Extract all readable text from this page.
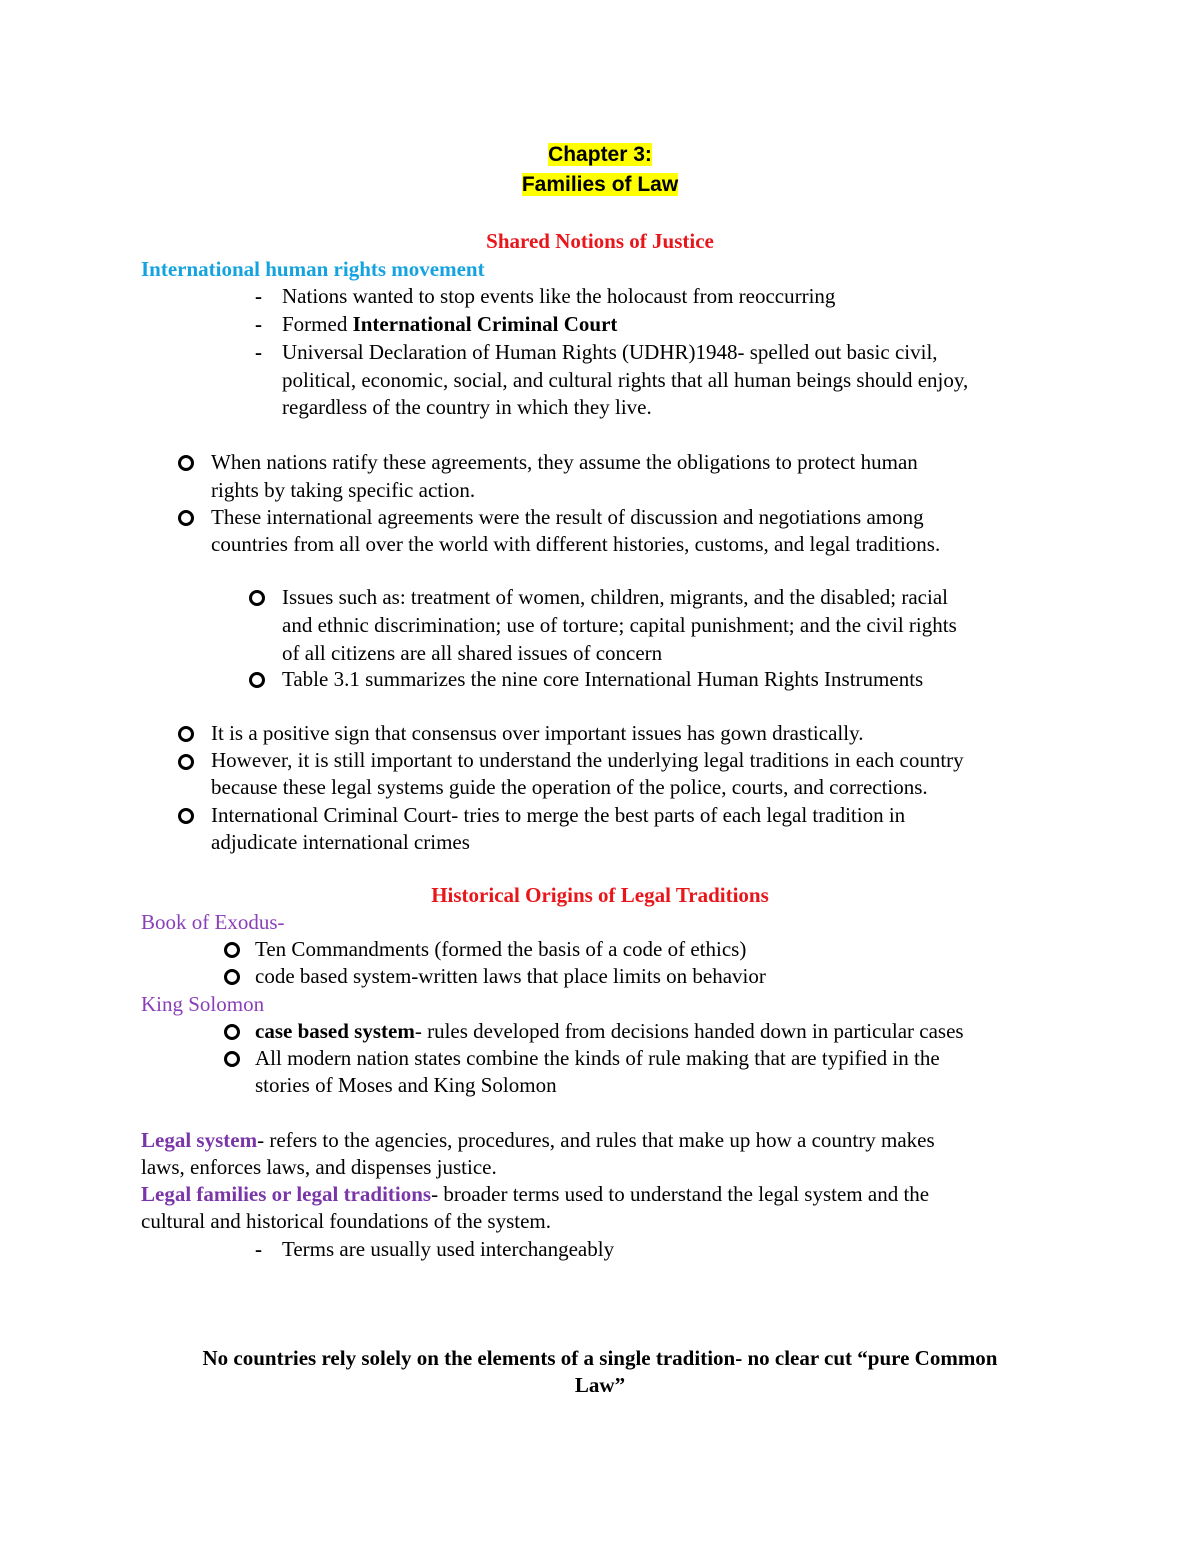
Chapter 3:
Families of Law
Shared Notions of Justice
International human rights movement
- Nations wanted to stop events like the holocaust from reoccurring
- Formed International Criminal Court
- Universal Declaration of Human Rights (UDHR)1948- spelled out basic civil,
political, economic, social, and cultural rights that all human beings should enjoy,
regardless of the country in which they live.
When nations ratify these agreements, they assume the obligations to protect human
rights by taking specific action.
These international agreements were the result of discussion and negotiations among
countries from all over the world with different histories, customs, and legal traditions.
Issues such as: treatment of women, children, migrants, and the disabled; racial
and ethnic discrimination; use of torture; capital punishment; and the civil rights
of all citizens are all shared issues of concern
Table 3.1 summarizes the nine core International Human Rights Instruments
It is a positive sign that consensus over important issues has gown drastically.
However, it is still important to understand the underlying legal traditions in each country
because these legal systems guide the operation of the police, courts, and corrections.
International Criminal Court- tries to merge the best parts of each legal tradition in
adjudicate international crimes
Historical Origins of Legal Traditions
Book of Exodus-
Ten Commandments (formed the basis of a code of ethics)
code based system-written laws that place limits on behavior
King Solomon
case based system- rules developed from decisions handed down in particular cases
All modern nation states combine the kinds of rule making that are typified in the
stories of Moses and King Solomon
Legal system- refers to the agencies, procedures, and rules that make up how a country makes
laws, enforces laws, and dispenses justice.
Legal families or legal traditions- broader terms used to understand the legal system and the
cultural and historical foundations of the system.
- Terms are usually used interchangeably
No countries rely solely on the elements of a single tradition- no clear cut “pure Common
Law”
